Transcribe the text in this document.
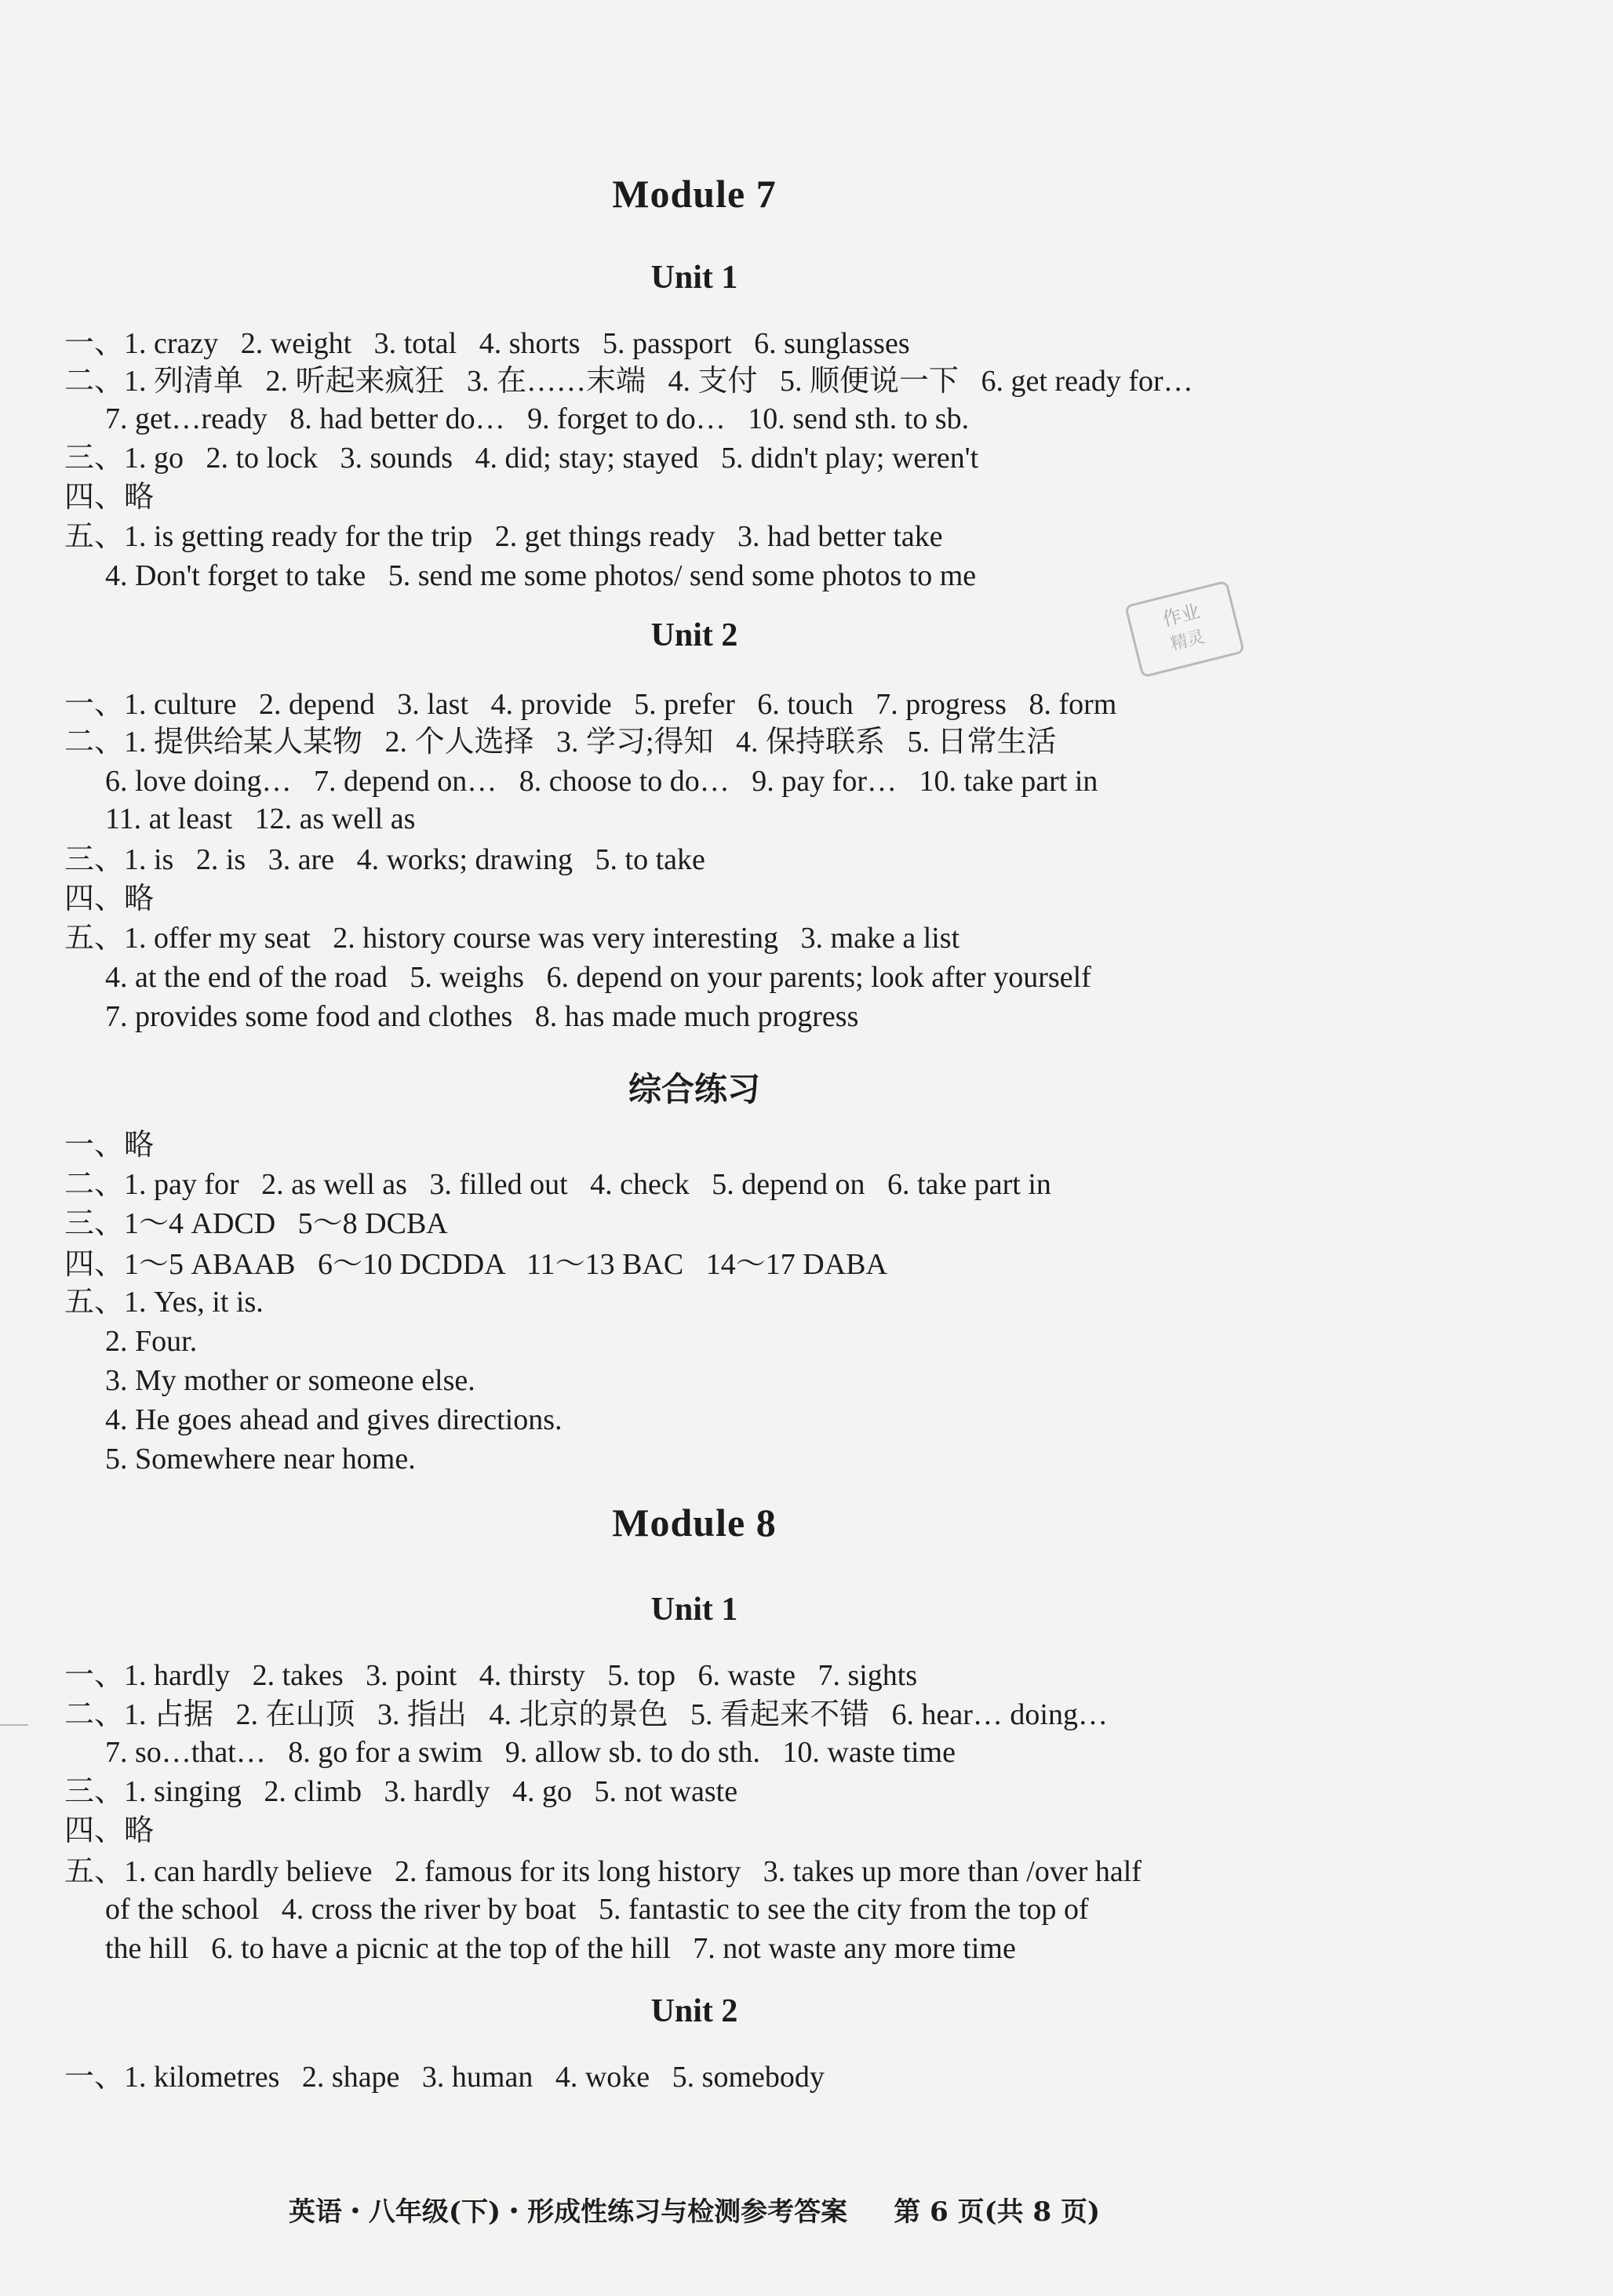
Module 7
Unit 1
一、1. crazy   2. weight   3. total   4. shorts   5. passport   6. sunglasses
二、1. 列清单   2. 听起来疯狂   3. 在……末端   4. 支付   5. 顺便说一下   6. get ready for…
7. get…ready   8. had better do…   9. forget to do…   10. send sth. to sb.
三、1. go   2. to lock   3. sounds   4. did; stay; stayed   5. didn't play; weren't
四、略
五、1. is getting ready for the trip   2. get things ready   3. had better take
4. Don't forget to take   5. send me some photos/ send some photos to me
作业
精灵
Unit 2
一、1. culture   2. depend   3. last   4. provide   5. prefer   6. touch   7. progress   8. form
二、1. 提供给某人某物   2. 个人选择   3. 学习;得知   4. 保持联系   5. 日常生活
6. love doing…   7. depend on…   8. choose to do…   9. pay for…   10. take part in
11. at least   12. as well as
三、1. is   2. is   3. are   4. works; drawing   5. to take
四、略
五、1. offer my seat   2. history course was very interesting   3. make a list
4. at the end of the road   5. weighs   6. depend on your parents; look after yourself
7. provides some food and clothes   8. has made much progress
综合练习
一、略
二、1. pay for   2. as well as   3. filled out   4. check   5. depend on   6. take part in
三、1～4 ADCD   5～8 DCBA
四、1～5 ABAAB   6～10 DCDDA   11～13 BAC   14～17 DABA
五、1. Yes, it is.
2. Four.
3. My mother or someone else.
4. He goes ahead and gives directions.
5. Somewhere near home.
Module 8
Unit 1
一、1. hardly   2. takes   3. point   4. thirsty   5. top   6. waste   7. sights
二、1. 占据   2. 在山顶   3. 指出   4. 北京的景色   5. 看起来不错   6. hear… doing…
7. so…that…   8. go for a swim   9. allow sb. to do sth.   10. waste time
三、1. singing   2. climb   3. hardly   4. go   5. not waste
四、略
五、1. can hardly believe   2. famous for its long history   3. takes up more than /over half
of the school   4. cross the river by boat   5. fantastic to see the city from the top of
the hill   6. to have a picnic at the top of the hill   7. not waste any more time
Unit 2
一、1. kilometres   2. shape   3. human   4. woke   5. somebody
英语・八年级(下)・形成性练习与检测参考答案     第 6 页(共 8 页)
